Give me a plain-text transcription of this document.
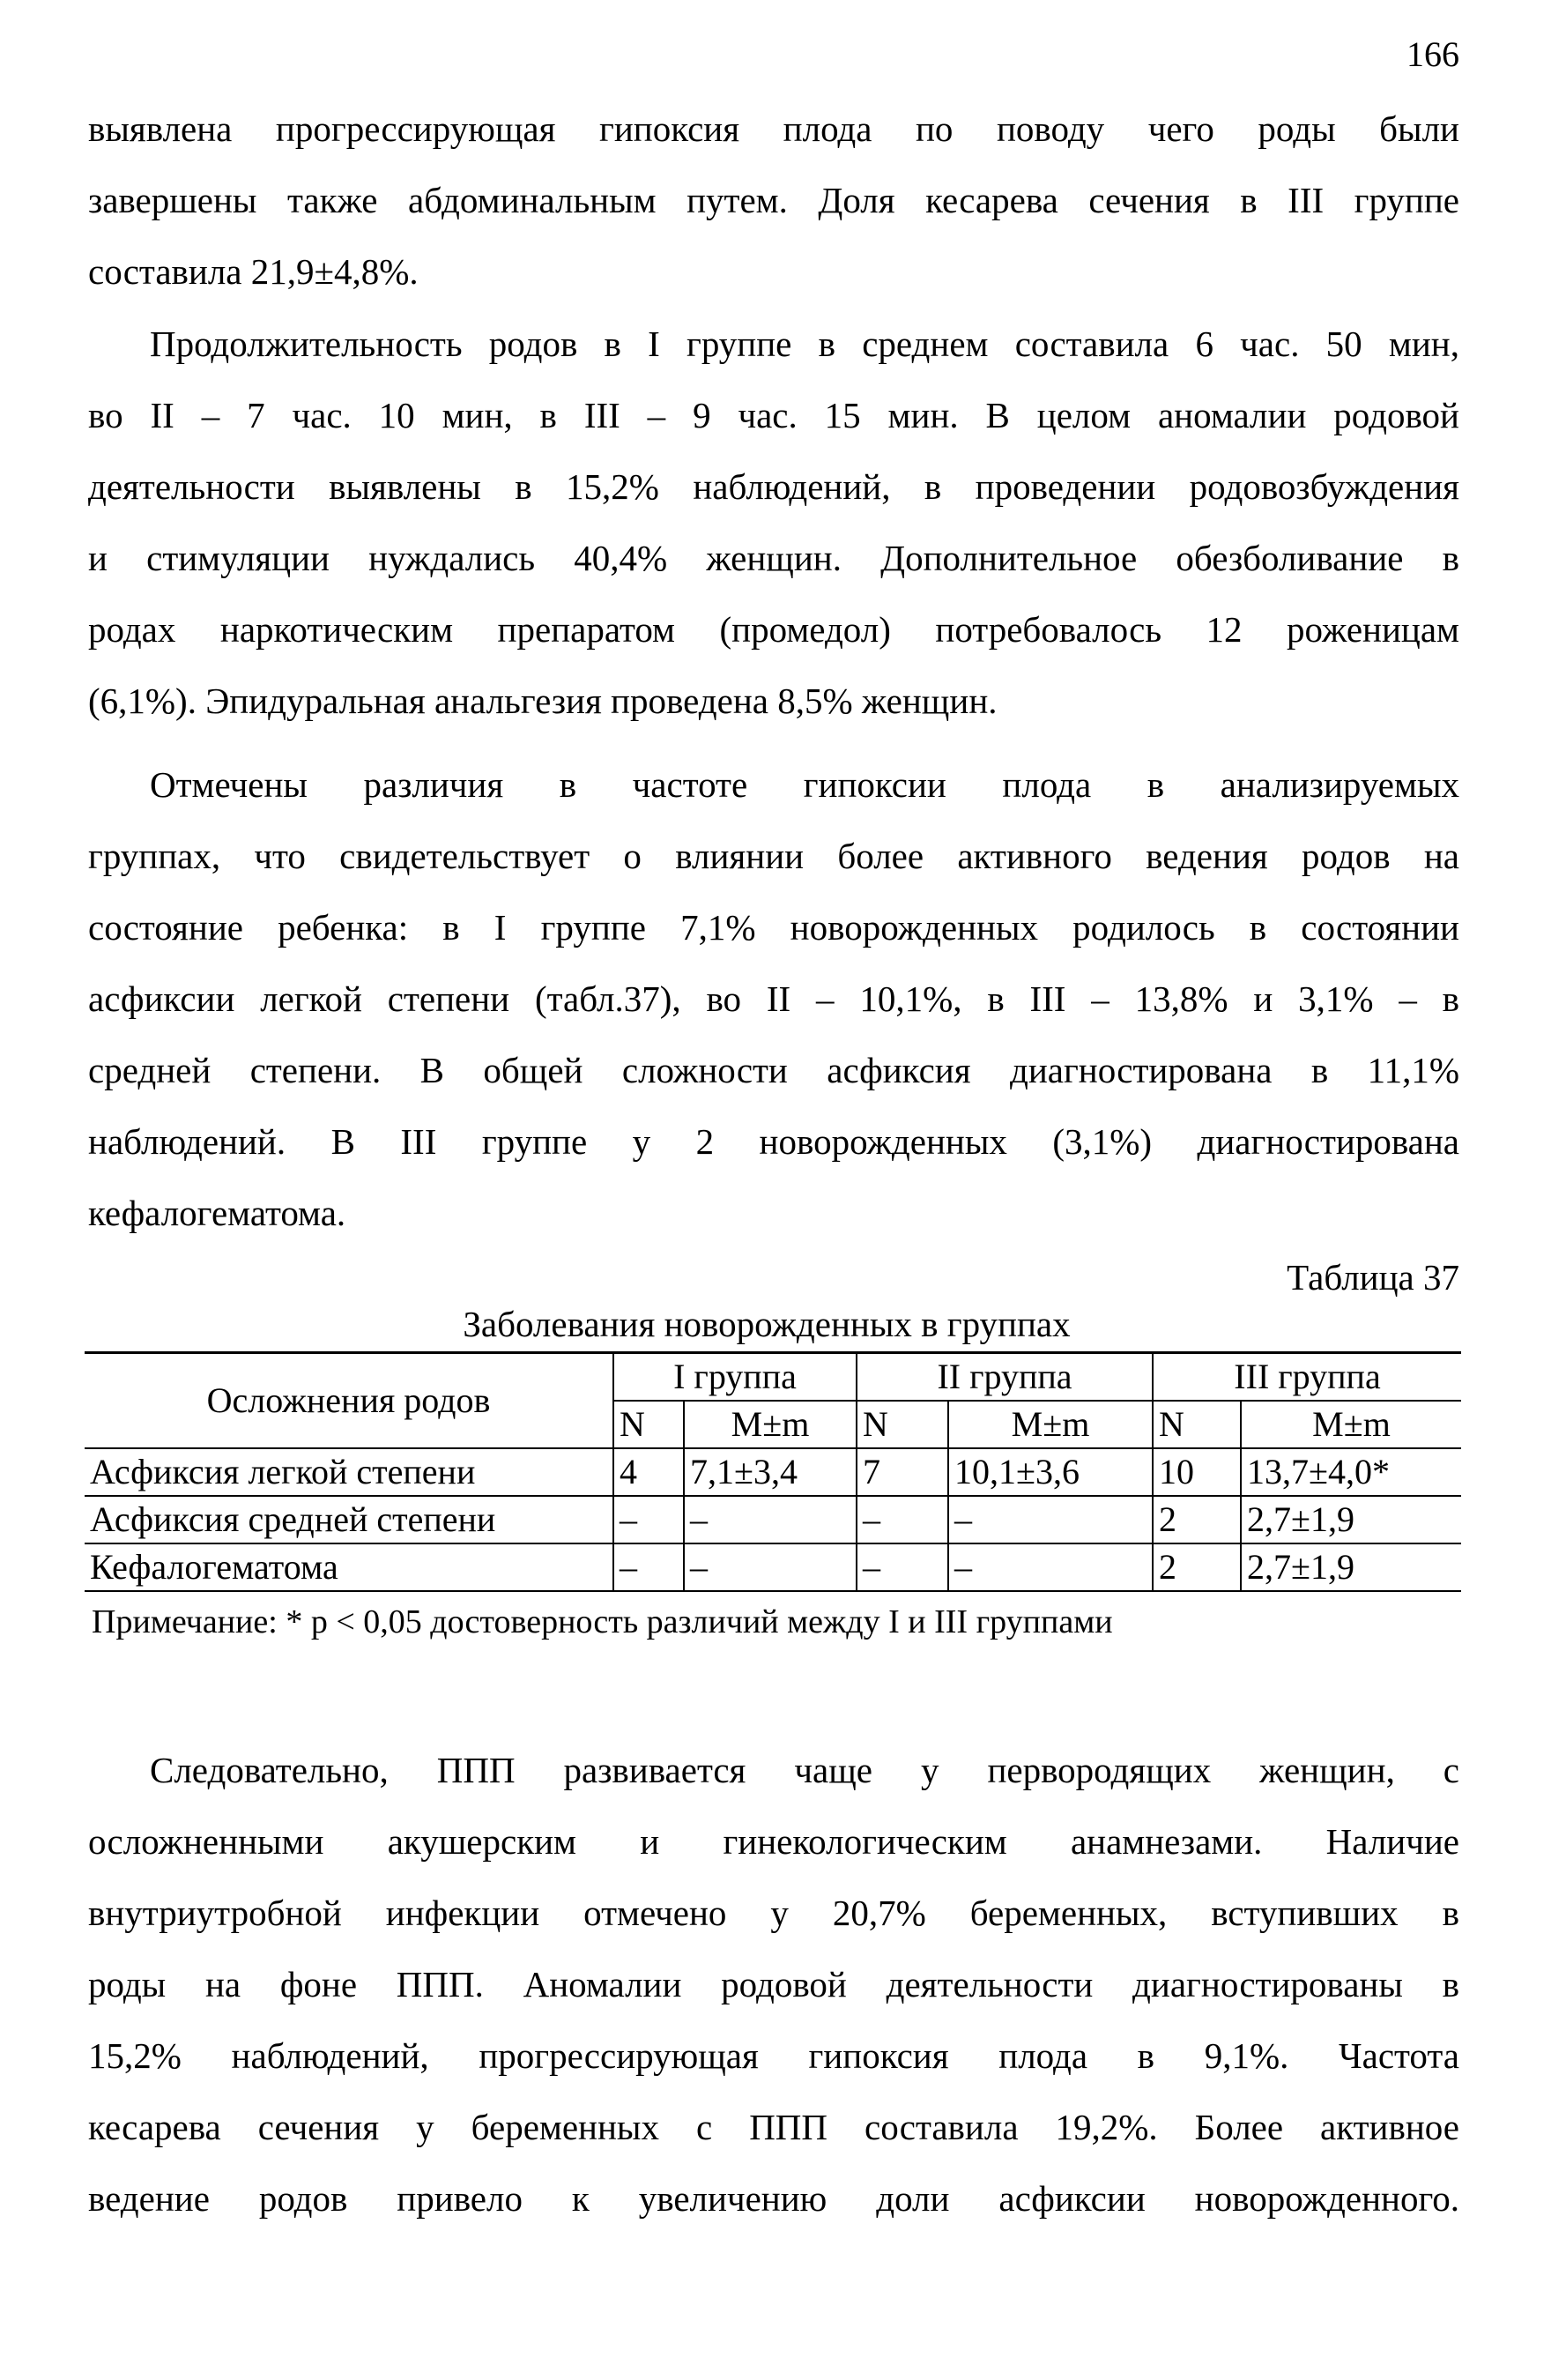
166
выявлена прогрессирующая гипоксия плода по поводу чего роды были
завершены также абдоминальным путем. Доля кесарева сечения в III группе
составила 21,9±4,8%.
Продолжительность родов в I группе в среднем составила 6 час. 50 мин,
во II – 7 час. 10 мин, в III – 9 час. 15 мин. В целом аномалии родовой
деятельности выявлены в 15,2% наблюдений, в проведении родовозбуждения
и стимуляции нуждались 40,4% женщин. Дополнительное обезболивание в
родах наркотическим препаратом (промедол) потребовалось 12 роженицам
(6,1%). Эпидуральная анальгезия проведена 8,5% женщин.
Отмечены различия в частоте гипоксии плода в анализируемых
группах, что свидетельствует о влиянии более активного ведения родов на
состояние ребенка: в I группе 7,1% новорожденных родилось в состоянии
асфиксии легкой степени (табл.37), во II – 10,1%, в III – 13,8% и 3,1% – в
средней степени. В общей сложности асфиксия диагностирована в 11,1%
наблюдений. В III группе у 2 новорожденных (3,1%) диагностирована
кефалогематома.
Таблица 37
Заболевания новорожденных в группах
Осложнения родов	I группа		II группа		III группа	
	N	M±m	N	M±m	N	M±m
Асфиксия легкой степени	4	7,1±3,4	7	10,1±3,6	10	13,7±4,0*
Асфиксия средней степени	–	–	–	–	2	2,7±1,9
Кефалогематома	–	–	–	–	2	2,7±1,9
Примечание: * p < 0,05 достоверность различий между I и III группами
Следовательно, ППП развивается чаще у первородящих женщин, с
осложненными акушерским и гинекологическим анамнезами. Наличие
внутриутробной инфекции отмечено у 20,7% беременных, вступивших в
роды на фоне ППП. Аномалии родовой деятельности диагностированы в
15,2% наблюдений, прогрессирующая гипоксия плода в 9,1%. Частота
кесарева сечения у беременных с ППП составила 19,2%. Более активное
ведение родов привело к увеличению доли асфиксии новорожденного.
